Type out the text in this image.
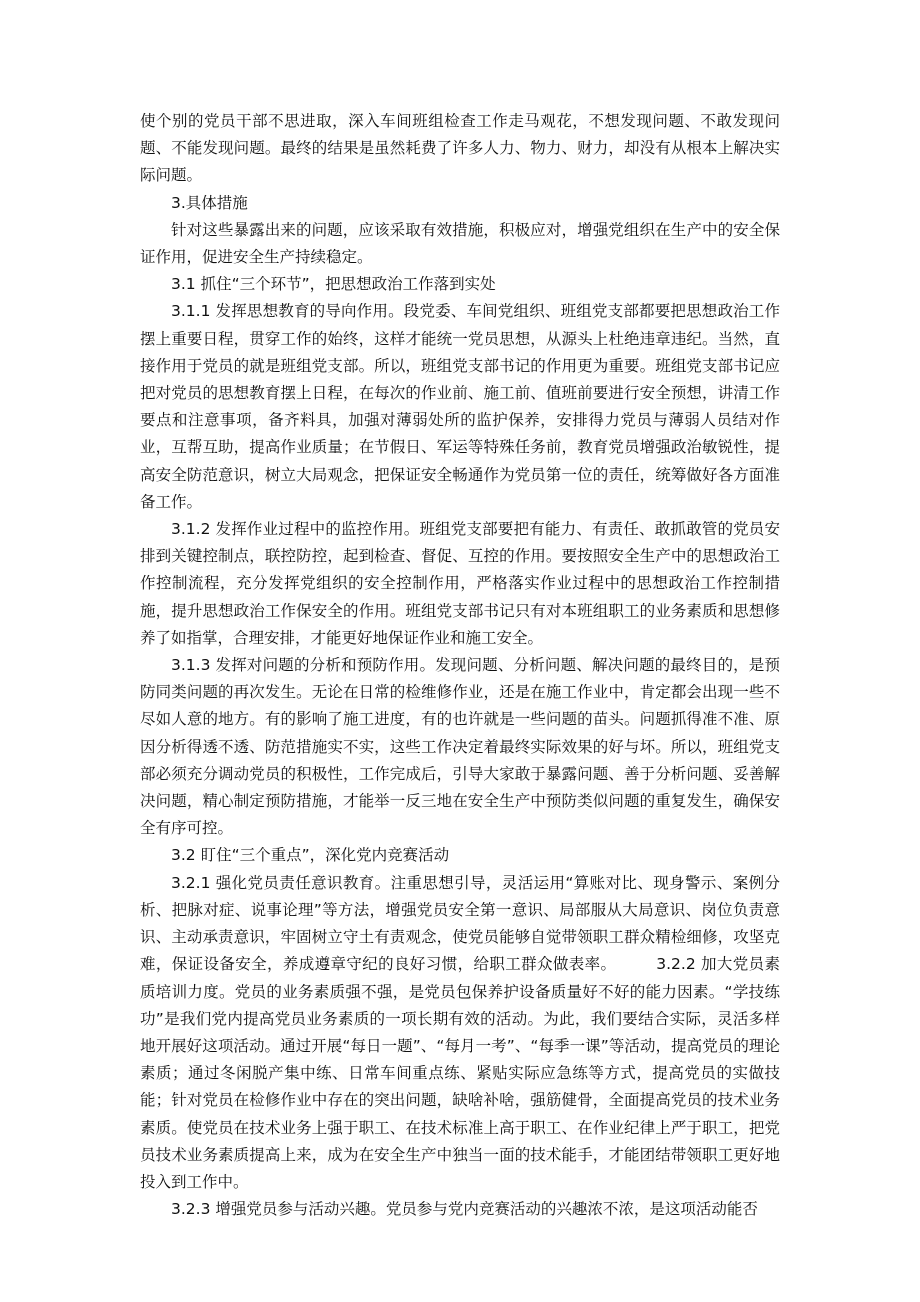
使个别的党员干部不思进取，深入车间班组检查工作走马观花，不想发现问题、不敢发现问题、不能发现问题。最终的结果是虽然耗费了许多人力、物力、财力，却没有从根本上解决实际问题。

3.具体措施

针对这些暴露出来的问题，应该采取有效措施，积极应对，增强党组织在生产中的安全保证作用，促进安全生产持续稳定。

3.1 抓住“三个环节”，把思想政治工作落到实处

3.1.1 发挥思想教育的导向作用。段党委、车间党组织、班组党支部都要把思想政治工作摆上重要日程，贯穿工作的始终，这样才能统一党员思想，从源头上杜绝违章违纪。当然，直接作用于党员的就是班组党支部。所以，班组党支部书记的作用更为重要。班组党支部书记应把对党员的思想教育摆上日程，在每次的作业前、施工前、值班前要进行安全预想，讲清工作要点和注意事项，备齐料具，加强对薄弱处所的监护保养，安排得力党员与薄弱人员结对作业，互帮互助，提高作业质量；在节假日、军运等特殊任务前，教育党员增强政治敏锐性，提高安全防范意识，树立大局观念，把保证安全畅通作为党员第一位的责任，统筹做好各方面准备工作。

3.1.2 发挥作业过程中的监控作用。班组党支部要把有能力、有责任、敢抓敢管的党员安排到关键控制点，联控防控，起到检查、督促、互控的作用。要按照安全生产中的思想政治工作控制流程，充分发挥党组织的安全控制作用，严格落实作业过程中的思想政治工作控制措施，提升思想政治工作保安全的作用。班组党支部书记只有对本班组职工的业务素质和思想修养了如指掌，合理安排，才能更好地保证作业和施工安全。

3.1.3 发挥对问题的分析和预防作用。发现问题、分析问题、解决问题的最终目的，是预防同类问题的再次发生。无论在日常的检维修作业，还是在施工作业中，肯定都会出现一些不尽如人意的地方。有的影响了施工进度，有的也许就是一些问题的苗头。问题抓得准不准、原因分析得透不透、防范措施实不实，这些工作决定着最终实际效果的好与坏。所以，班组党支部必须充分调动党员的积极性，工作完成后，引导大家敢于暴露问题、善于分析问题、妥善解决问题，精心制定预防措施，才能举一反三地在安全生产中预防类似问题的重复发生，确保安全有序可控。

3.2 盯住“三个重点”，深化党内竞赛活动

3.2.1 强化党员责任意识教育。注重思想引导，灵活运用“算账对比、现身警示、案例分析、把脉对症、说事论理”等方法，增强党员安全第一意识、局部服从大局意识、岗位负责意识、主动承责意识，牢固树立守土有责观念，使党员能够自觉带领职工群众精检细修，攻坚克难，保证设备安全，养成遵章守纪的良好习惯，给职工群众做表率。　　　3.2.2 加大党员素质培训力度。党员的业务素质强不强，是党员包保养护设备质量好不好的能力因素。“学技练功”是我们党内提高党员业务素质的一项长期有效的活动。为此，我们要结合实际，灵活多样地开展好这项活动。通过开展“每日一题”、“每月一考”、“每季一课”等活动，提高党员的理论素质；通过冬闲脱产集中练、日常车间重点练、紧贴实际应急练等方式，提高党员的实做技能；针对党员在检修作业中存在的突出问题，缺啥补啥，强筋健骨，全面提高党员的技术业务素质。使党员在技术业务上强于职工、在技术标准上高于职工、在作业纪律上严于职工，把党员技术业务素质提高上来，成为在安全生产中独当一面的技术能手，才能团结带领职工更好地投入到工作中。

3.2.3 增强党员参与活动兴趣。党员参与党内竞赛活动的兴趣浓不浓，是这项活动能否
